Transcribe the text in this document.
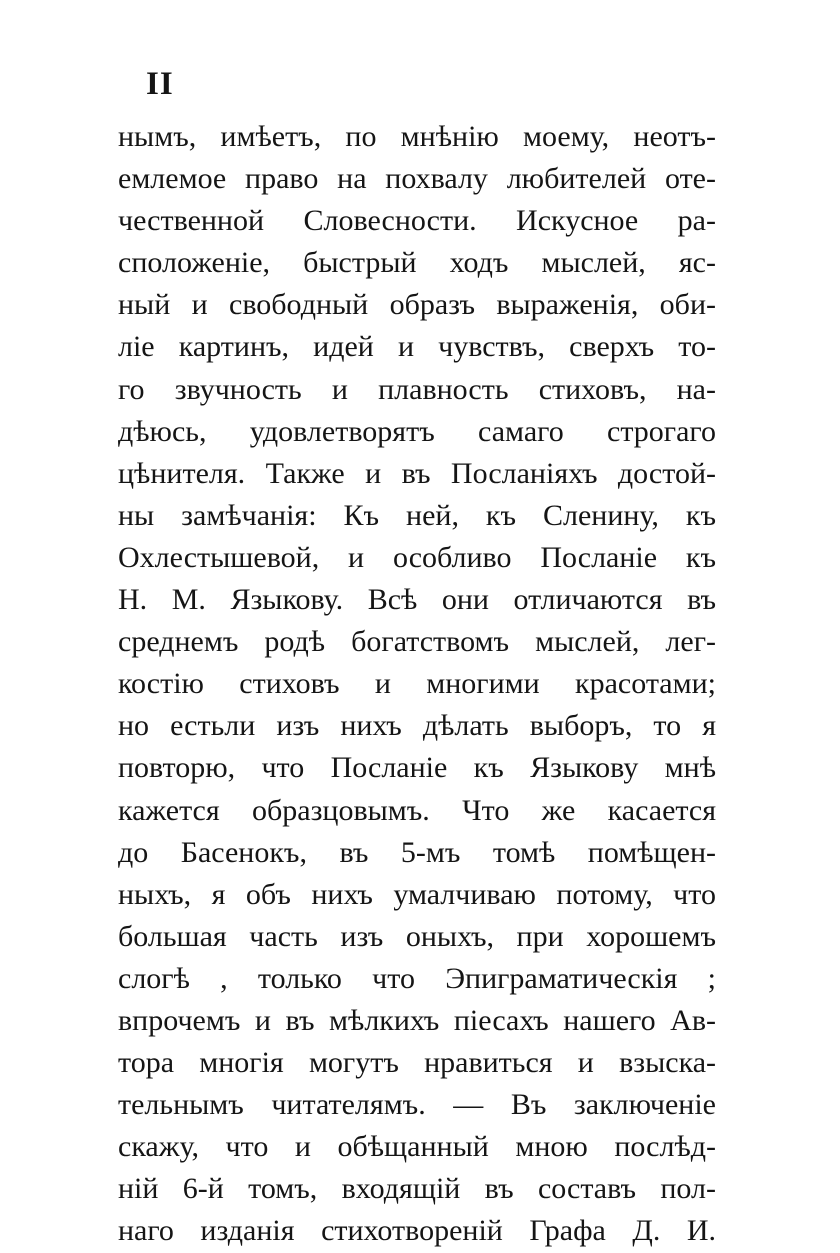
II
нымъ, имѣетъ, по мнѣнію моему, неотъ-
емлемое право на похвалу любителей оте-
чественной Словесности. Искусное ра-
сположеніе, быстрый ходъ мыслей, яс-
ный и свободный образъ выраженія, оби-
ліе картинъ, идей и чувствъ, сверхъ то-
го звучность и плавность стиховъ, на-
дѣюсь, удовлетворятъ самаго строгаго
цѣнителя. Также и въ Посланіяхъ достой-
ны замѣчанія: Къ ней, къ Сленину, къ
Охлестышевой, и особливо Посланіе къ
Н. М. Языкову. Всѣ они отличаются въ
среднемъ родѣ богатствомъ мыслей, лег-
костію стиховъ и многими красотами;
но естьли изъ нихъ дѣлать выборъ, то я
повторю, что Посланіе къ Языкову мнѣ
кажется образцовымъ. Что же касается
до Басенокъ, въ 5-мъ томѣ помѣщен-
ныхъ, я объ нихъ умалчиваю потому, что
большая часть изъ оныхъ, при хорошемъ
слогѣ , только что Эпиграматическія ;
впрочемъ и въ мѣлкихъ піесахъ нашего Ав-
тора многія могутъ нравиться и взыска-
тельнымъ читателямъ. — Въ заключеніе
скажу, что и обѣщанный мною послѣд-
ній 6-й томъ, входящій въ составъ пол-
наго изданія стихотвореній Графа Д. И.
